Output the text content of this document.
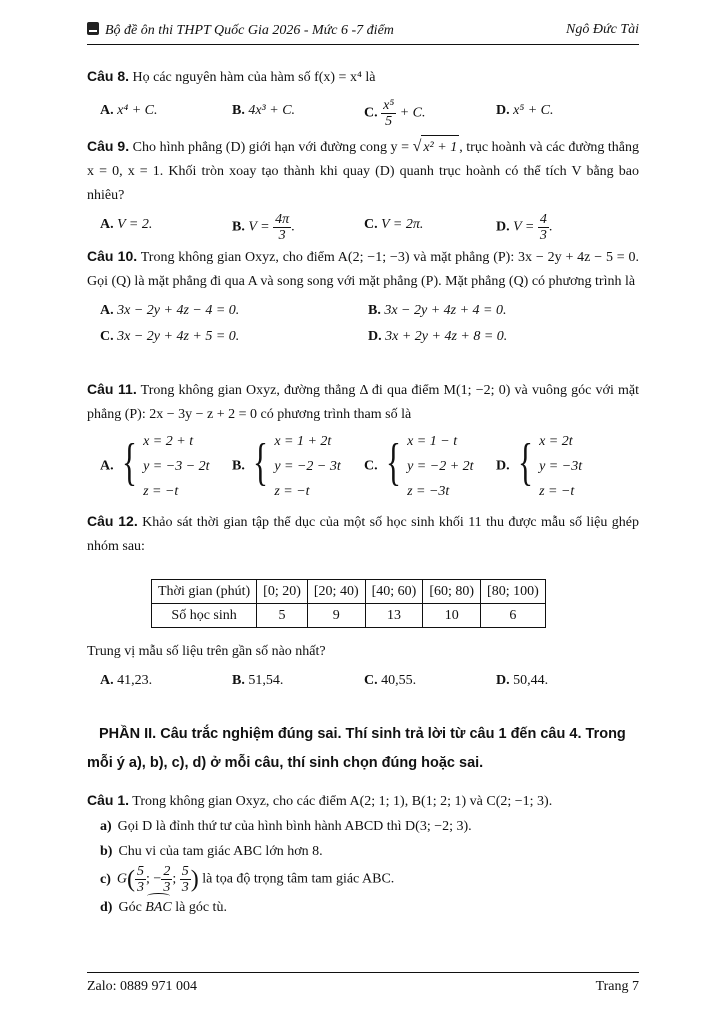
Bộ đề ôn thi THPT Quốc Gia 2026 - Mức 6 -7 điểm	Ngô Đức Tài

Câu 8. Họ các nguyên hàm của hàm số f(x) = x⁴ là

A. x⁴ + C.	B. 4x³ + C.	C. $\frac{\text{x⁵}}{5} + C$.	D. x⁵ + C.

Câu 9. Cho hình phẳng (D) giới hạn với đường cong y = √ x² + 1 , trục hoành và các đường thẳng x = 0, x = 1. Khối tròn xoay tạo thành khi quay (D) quanh trục hoành có thể tích V bằng bao nhiêu?

A. V = 2.	B. $V = \frac{4\pi}{3}$ .	C. V = 2π.	D. $V = \frac{4}{3}$ .

Câu 10. Trong không gian Oxyz, cho điểm A(2; −1; −3) và mặt phẳng (P): 3x − 2y + 4z − 5 = 0. Gọi (Q) là mặt phẳng đi qua A và song song với mặt phẳng (P). Mặt phẳng (Q) có phương trình là

A. 3x − 2y + 4z − 4 = 0.	B. 3x − 2y + 4z + 4 = 0.
C. 3x − 2y + 4z + 5 = 0.	D. 3x + 2y + 4z + 8 = 0.

Câu 11. Trong không gian Oxyz, đường thẳng Δ đi qua điểm M(1; −2; 0) và vuông góc với mặt phẳng (P): 2x − 3y − z + 2 = 0 có phương trình tham số là

A. { x = 2 + t
y = −3 − 2t
z = −t
B. { x = 1 + 2t
y = −2 − 3t
z = −t
C. { x = 1 − t
y = −2 + 2t
z = −3t
D. { x = 2t
y = −3t
z = −t

Câu 12. Khảo sát thời gian tập thể dục của một số học sinh khối 11 thu được mẫu số liệu ghép nhóm sau:

Thời gian (phút)	[0; 20)	[20; 40)	[40; 60)	[60; 80)	[80; 100)
Số học sinh	5	9	13	10	6

Trung vị mẫu số liệu trên gần số nào nhất?

A. 41,23.	B. 51,54.	C. 40,55.	D. 50,44.

PHẦN II. Câu trắc nghiệm đúng sai. Thí sinh trả lời từ câu 1 đến câu 4. Trong mỗi ý a), b), c), d) ở mỗi câu, thí sinh chọn đúng hoặc sai.

Câu 1. Trong không gian Oxyz, cho các điểm A(2; 1; 1), B(1; 2; 1) và C(2; −1; 3).

a) Gọi D là đỉnh thứ tư của hình bình hành ABCD thì D(3; −2; 3).
b) Chu vi của tam giác ABC lớn hơn 8.
c) $G( \frac{5}{3}$ ; − $\frac{2}{3}$ ; $\frac{5}{3}$ ) là tọa độ trọng tâm tam giác ABC.
d) Góc BAC là góc tù.
Zalo: 0889 971 004	Trang 7
